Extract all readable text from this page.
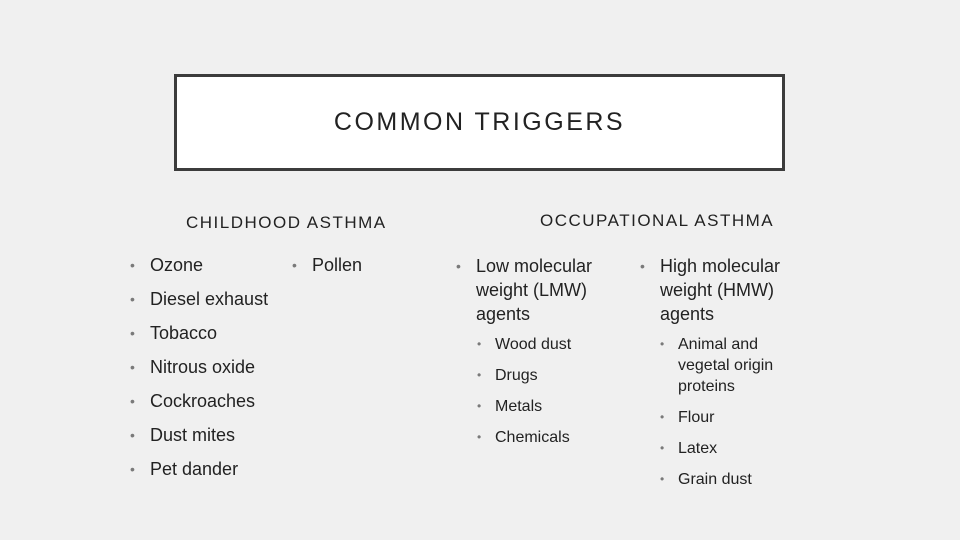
COMMON TRIGGERS
CHILDHOOD ASTHMA
• Ozone
• Diesel exhaust
• Tobacco
• Nitrous oxide
• Cockroaches
• Dust mites
• Pet dander
• Pollen
OCCUPATIONAL ASTHMA
• Low molecular weight (LMW) agents
• Wood dust
• Drugs
• Metals
• Chemicals
• High molecular weight (HMW) agents
• Animal and vegetal origin proteins
• Flour
• Latex
• Grain dust
